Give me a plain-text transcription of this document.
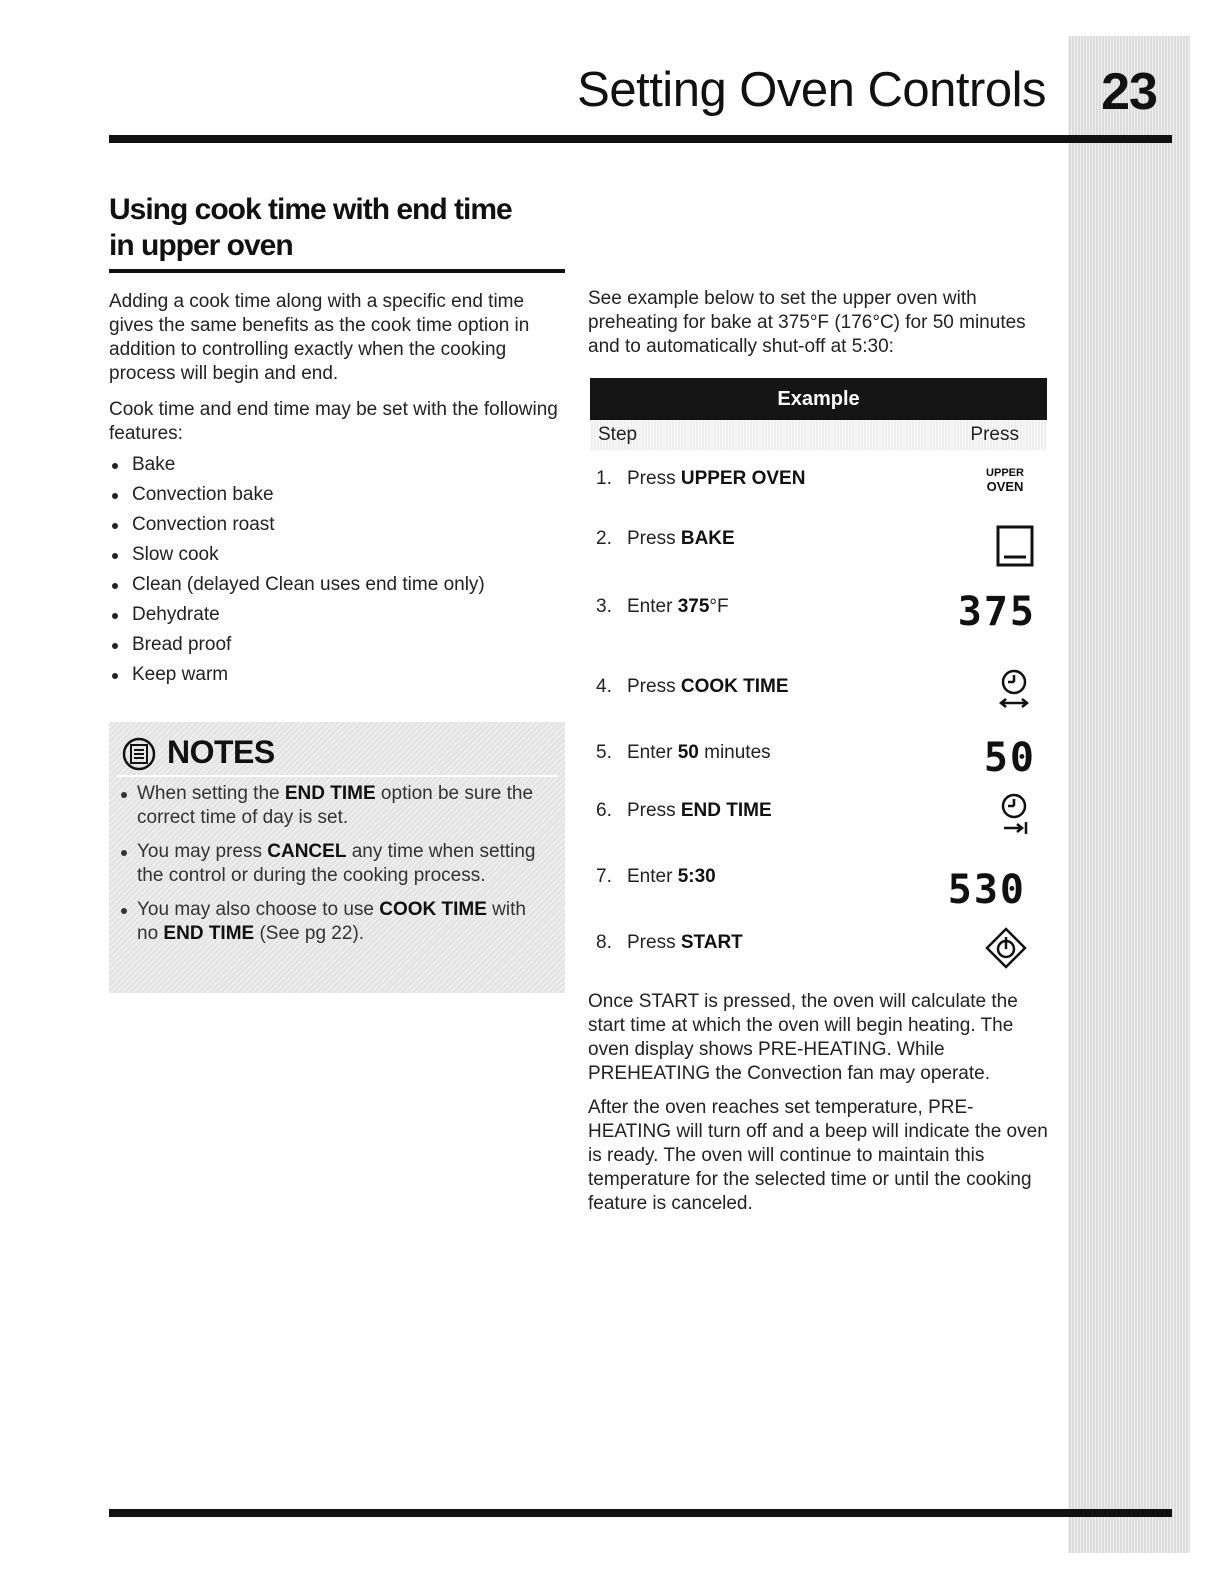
23
Setting Oven Controls
Using cook time with end time
in upper oven

Adding a cook time along with a specific end time gives the same benefits as the cook time option in addition to controlling exactly when the cooking process will begin and end.

Cook time and end time may be set with the following features:

Bake
Convection bake
Convection roast
Slow cook
Clean (delayed Clean uses end time only)
Dehydrate
Bread proof
Keep warm
NOTES
When setting the END TIME option be sure the correct time of day is set.
You may press CANCEL any time when setting the control or during the cooking process.
You may also choose to use COOK TIME with no END TIME (See pg 22).

See example below to set the upper oven with preheating for bake at 375°F (176°C) for 50 minutes and to automatically shut-off at 5:30:

Example
Step	Press
1. Press UPPER OVEN	UPPER
OVEN
2. Press BAKE
3. Enter 375°F	375
4. Press COOK TIME
5. Enter 50 minutes	50
6. Press END TIME
7. Enter 5:30	530
8. Press START

Once START is pressed, the oven will calculate the start time at which the oven will begin heating. The oven display shows PRE-HEATING. While PREHEATING the Convection fan may operate.

After the oven reaches set temperature, PRE-HEATING will turn off and a beep will indicate the oven is ready. The oven will continue to maintain this temperature for the selected time or until the cooking feature is canceled.
